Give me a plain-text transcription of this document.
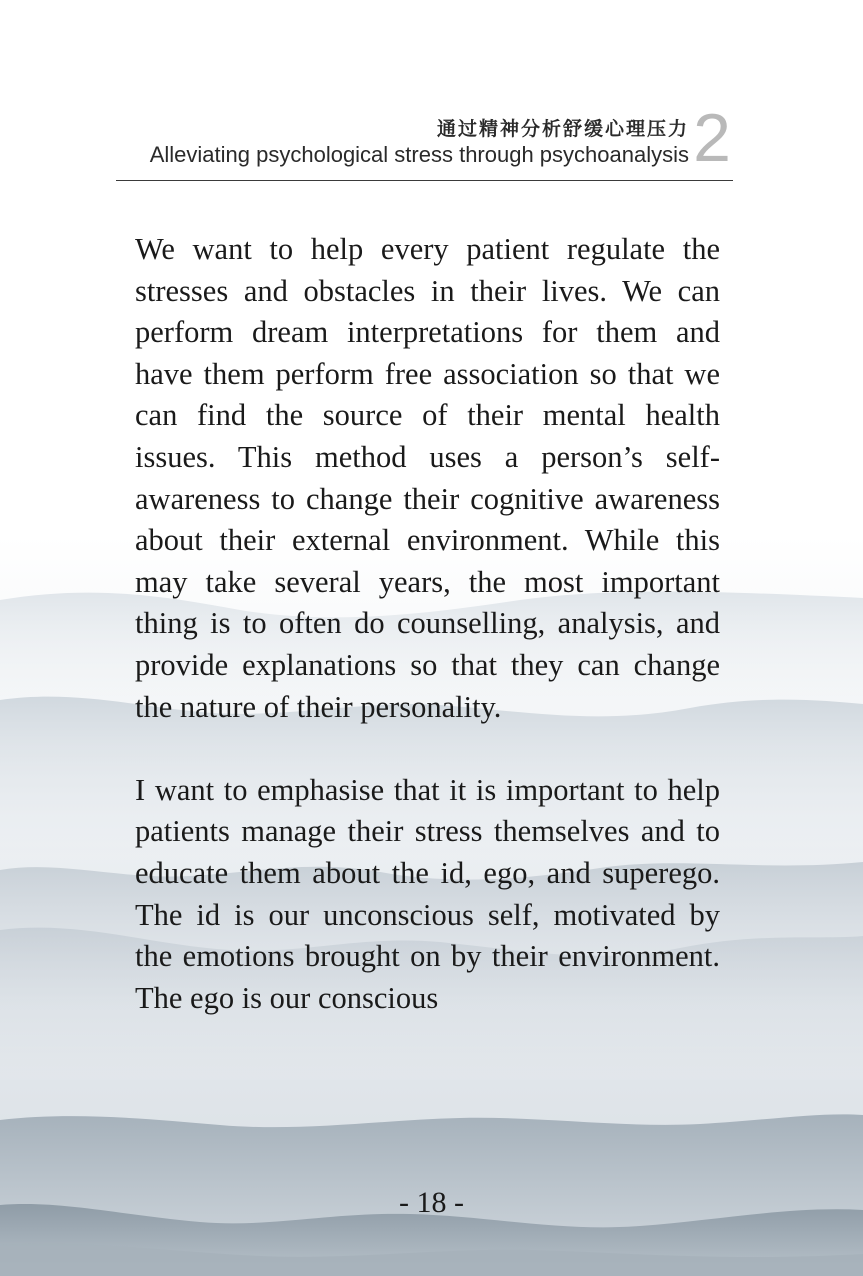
通过精神分析舒缓心理压力
Alleviating psychological stress through psychoanalysis 2

We want to help every patient regulate the stresses and obstacles in their lives. We can perform dream interpretations for them and have them perform free association so that we can find the source of their mental health issues. This method uses a person’s self-awareness to change their cognitive awareness about their external environment. While this may take several years, the most important thing is to often do counselling, analysis, and provide explanations so that they can change the nature of their personality.

I want to emphasise that it is important to help patients manage their stress themselves and to educate them about the id, ego, and superego. The id is our unconscious self, motivated by the emotions brought on by their environment. The ego is our conscious

- 18 -
